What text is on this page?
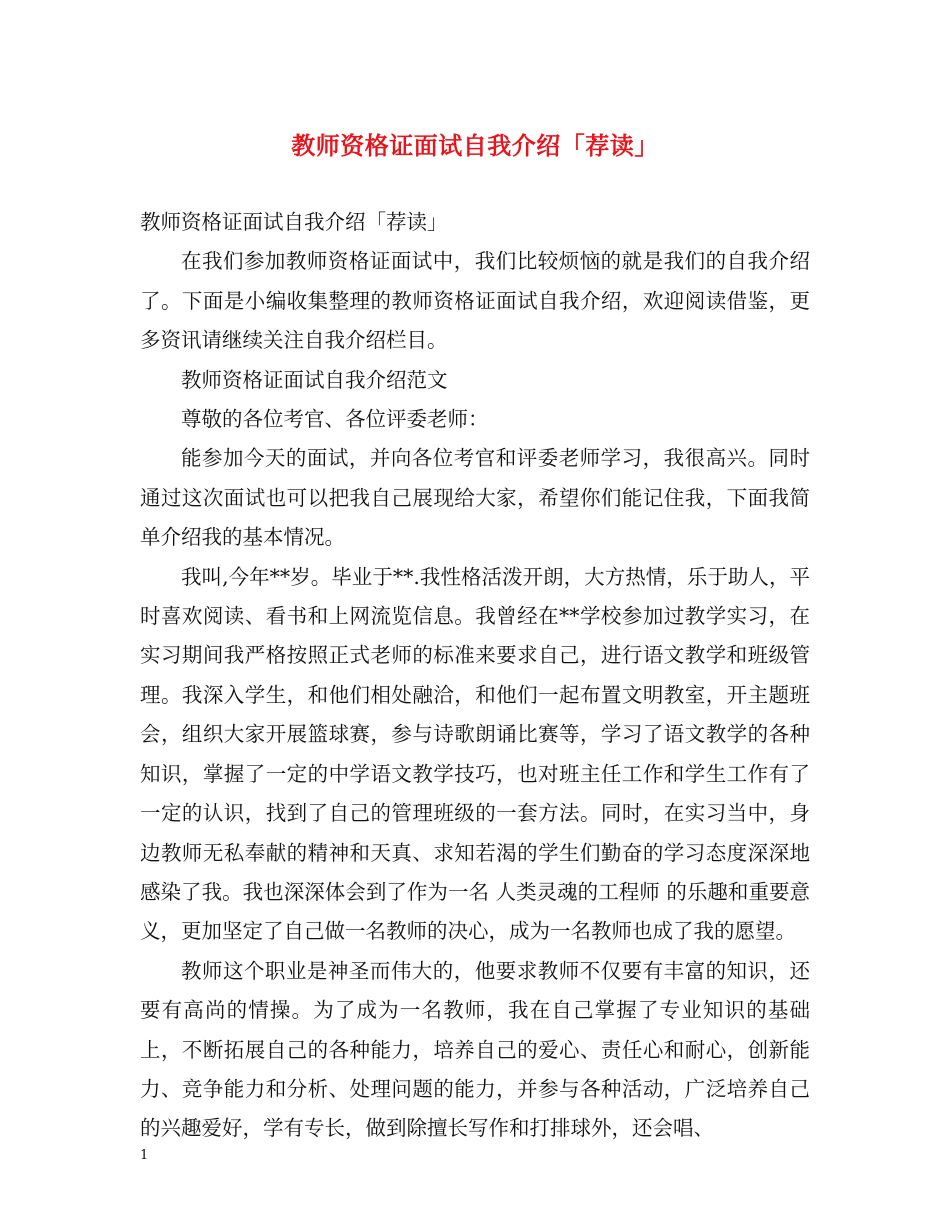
教师资格证面试自我介绍「荐读」

教师资格证面试自我介绍「荐读」

在我们参加教师资格证面试中，我们比较烦恼的就是我们的自我介绍了。下面是小编收集整理的教师资格证面试自我介绍，欢迎阅读借鉴，更多资讯请继续关注自我介绍栏目。

教师资格证面试自我介绍范文

尊敬的各位考官、各位评委老师：

能参加今天的面试，并向各位考官和评委老师学习，我很高兴。同时通过这次面试也可以把我自己展现给大家，希望你们能记住我，下面我简单介绍我的基本情况。

我叫,今年**岁。毕业于**.我性格活泼开朗，大方热情，乐于助人，平时喜欢阅读、看书和上网流览信息。我曾经在**学校参加过教学实习，在实习期间我严格按照正式老师的标准来要求自己，进行语文教学和班级管理。我深入学生，和他们相处融洽，和他们一起布置文明教室，开主题班会，组织大家开展篮球赛，参与诗歌朗诵比赛等，学习了语文教学的各种知识，掌握了一定的中学语文教学技巧，也对班主任工作和学生工作有了一定的认识，找到了自己的管理班级的一套方法。同时，在实习当中，身边教师无私奉献的精神和天真、求知若渴的学生们勤奋的学习态度深深地感染了我。我也深深体会到了作为一名 人类灵魂的工程师 的乐趣和重要意义，更加坚定了自己做一名教师的决心，成为一名教师也成了我的愿望。

教师这个职业是神圣而伟大的，他要求教师不仅要有丰富的知识，还要有高尚的情操。为了成为一名教师，我在自己掌握了专业知识的基础上，不断拓展自己的各种能力，培养自己的爱心、责任心和耐心，创新能力、竞争能力和分析、处理问题的能力，并参与各种活动，广泛培养自己的兴趣爱好，学有专长，做到除擅长写作和打排球外，还会唱、

1
